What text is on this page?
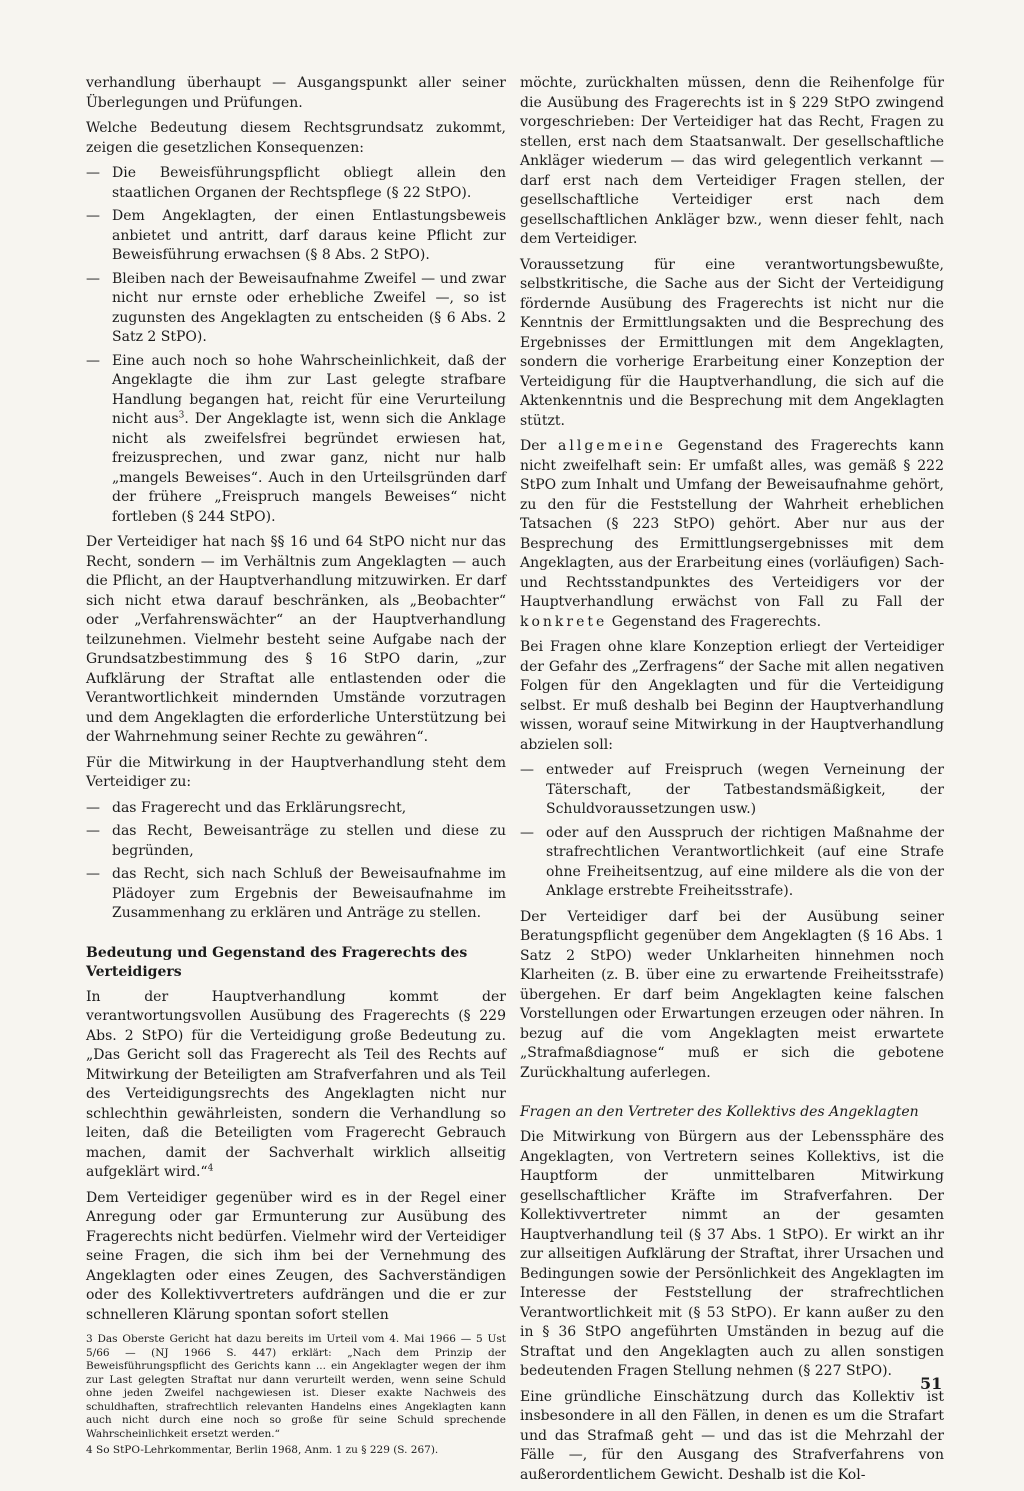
verhandlung überhaupt — Ausgangspunkt aller seiner Überlegungen und Prüfungen.

Welche Bedeutung diesem Rechtsgrundsatz zukommt, zeigen die gesetzlichen Konsequenzen:

— Die Beweisführungspflicht obliegt allein den staatlichen Organen der Rechtspflege (§ 22 StPO).
— Dem Angeklagten, der einen Entlastungsbeweis anbietet und antritt, darf daraus keine Pflicht zur Beweisführung erwachsen (§ 8 Abs. 2 StPO).
— Bleiben nach der Beweisaufnahme Zweifel — und zwar nicht nur ernste oder erhebliche Zweifel —, so ist zugunsten des Angeklagten zu entscheiden (§ 6 Abs. 2 Satz 2 StPO).
— Eine auch noch so hohe Wahrscheinlichkeit, daß der Angeklagte die ihm zur Last gelegte strafbare Handlung begangen hat, reicht für eine Verurteilung nicht aus$^3$. Der Angeklagte ist, wenn sich die Anklage nicht als zweifelsfrei begründet erwiesen hat, freizusprechen, und zwar ganz, nicht nur halb „mangels Beweises“. Auch in den Urteilsgründen darf der frühere „Freispruch mangels Beweises“ nicht fortleben (§ 244 StPO).

Der Verteidiger hat nach §§ 16 und 64 StPO nicht nur das Recht, sondern — im Verhältnis zum Angeklagten — auch die Pflicht, an der Hauptverhandlung mitzuwirken. Er darf sich nicht etwa darauf beschränken, als „Beobachter“ oder „Verfahrenswächter“ an der Hauptverhandlung teilzunehmen. Vielmehr besteht seine Aufgabe nach der Grundsatzbestimmung des § 16 StPO darin, „zur Aufklärung der Straftat alle entlastenden oder die Verantwortlichkeit mindernden Umstände vorzutragen und dem Angeklagten die erforderliche Unterstützung bei der Wahrnehmung seiner Rechte zu gewähren“.

Für die Mitwirkung in der Hauptverhandlung steht dem Verteidiger zu:

— das Fragerecht und das Erklärungsrecht,
— das Recht, Beweisanträge zu stellen und diese zu begründen,
— das Recht, sich nach Schluß der Beweisaufnahme im Plädoyer zum Ergebnis der Beweisaufnahme im Zusammenhang zu erklären und Anträge zu stellen.
Bedeutung und Gegenstand des Fragerechts des Verteidigers

In der Hauptverhandlung kommt der verantwortungsvollen Ausübung des Fragerechts (§ 229 Abs. 2 StPO) für die Verteidigung große Bedeutung zu. „Das Gericht soll das Fragerecht als Teil des Rechts auf Mitwirkung der Beteiligten am Strafverfahren und als Teil des Verteidigungsrechts des Angeklagten nicht nur schlechthin gewährleisten, sondern die Verhandlung so leiten, daß die Beteiligten vom Fragerecht Gebrauch machen, damit der Sachverhalt wirklich allseitig aufgeklärt wird.“$^4$

Dem Verteidiger gegenüber wird es in der Regel einer Anregung oder gar Ermunterung zur Ausübung des Fragerechts nicht bedürfen. Vielmehr wird der Verteidiger seine Fragen, die sich ihm bei der Vernehmung des Angeklagten oder eines Zeugen, des Sachverständigen oder des Kollektivvertreters aufdrängen und die er zur schnelleren Klärung spontan sofort stellen

3 Das Oberste Gericht hat dazu bereits im Urteil vom 4. Mai 1966 — 5 Ust 5/66 — (NJ 1966 S. 447) erklärt: „Nach dem Prinzip der Beweisführungspflicht des Gerichts kann ... ein Angeklagter wegen der ihm zur Last gelegten Straftat nur dann verurteilt werden, wenn seine Schuld ohne jeden Zweifel nachgewiesen ist. Dieser exakte Nachweis des schuldhaften, strafrechtlich relevanten Handelns eines Angeklagten kann auch nicht durch eine noch so große für seine Schuld sprechende Wahrscheinlichkeit ersetzt werden.“

4 So StPO-Lehrkommentar, Berlin 1968, Anm. 1 zu § 229 (S. 267).

möchte, zurückhalten müssen, denn die Reihenfolge für die Ausübung des Fragerechts ist in § 229 StPO zwingend vorgeschrieben: Der Verteidiger hat das Recht, Fragen zu stellen, erst nach dem Staatsanwalt. Der gesellschaftliche Ankläger wiederum — das wird gelegentlich verkannt — darf erst nach dem Verteidiger Fragen stellen, der gesellschaftliche Verteidiger erst nach dem gesellschaftlichen Ankläger bzw., wenn dieser fehlt, nach dem Verteidiger.

Voraussetzung für eine verantwortungsbewußte, selbstkritische, die Sache aus der Sicht der Verteidigung fördernde Ausübung des Fragerechts ist nicht nur die Kenntnis der Ermittlungsakten und die Besprechung des Ergebnisses der Ermittlungen mit dem Angeklagten, sondern die vorherige Erarbeitung einer Konzeption der Verteidigung für die Hauptverhandlung, die sich auf die Aktenkenntnis und die Besprechung mit dem Angeklagten stützt.

Der allgemeine Gegenstand des Fragerechts kann nicht zweifelhaft sein: Er umfaßt alles, was gemäß § 222 StPO zum Inhalt und Umfang der Beweisaufnahme gehört, zu den für die Feststellung der Wahrheit erheblichen Tatsachen (§ 223 StPO) gehört. Aber nur aus der Besprechung des Ermittlungsergebnisses mit dem Angeklagten, aus der Erarbeitung eines (vorläufigen) Sach- und Rechtsstandpunktes des Verteidigers vor der Hauptverhandlung erwächst von Fall zu Fall der konkrete Gegenstand des Fragerechts.

Bei Fragen ohne klare Konzeption erliegt der Verteidiger der Gefahr des „Zerfragens“ der Sache mit allen negativen Folgen für den Angeklagten und für die Verteidigung selbst. Er muß deshalb bei Beginn der Hauptverhandlung wissen, worauf seine Mitwirkung in der Hauptverhandlung abzielen soll:

— entweder auf Freispruch (wegen Verneinung der Täterschaft, der Tatbestandsmäßigkeit, der Schuldvoraussetzungen usw.)
— oder auf den Ausspruch der richtigen Maßnahme der strafrechtlichen Verantwortlichkeit (auf eine Strafe ohne Freiheitsentzug, auf eine mildere als die von der Anklage erstrebte Freiheitsstrafe).

Der Verteidiger darf bei der Ausübung seiner Beratungspflicht gegenüber dem Angeklagten (§ 16 Abs. 1 Satz 2 StPO) weder Unklarheiten hinnehmen noch Klarheiten (z. B. über eine zu erwartende Freiheitsstrafe) übergehen. Er darf beim Angeklagten keine falschen Vorstellungen oder Erwartungen erzeugen oder nähren. In bezug auf die vom Angeklagten meist erwartete „Strafmaßdiagnose“ muß er sich die gebotene Zurückhaltung auferlegen.

Fragen an den Vertreter des Kollektivs des Angeklagten

Die Mitwirkung von Bürgern aus der Lebenssphäre des Angeklagten, von Vertretern seines Kollektivs, ist die Hauptform der unmittelbaren Mitwirkung gesellschaftlicher Kräfte im Strafverfahren. Der Kollektivvertreter nimmt an der gesamten Hauptverhandlung teil (§ 37 Abs. 1 StPO). Er wirkt an ihr zur allseitigen Aufklärung der Straftat, ihrer Ursachen und Bedingungen sowie der Persönlichkeit des Angeklagten im Interesse der Feststellung der strafrechtlichen Verantwortlichkeit mit (§ 53 StPO). Er kann außer zu den in § 36 StPO angeführten Umständen in bezug auf die Straftat und den Angeklagten auch zu allen sonstigen bedeutenden Fragen Stellung nehmen (§ 227 StPO).

Eine gründliche Einschätzung durch das Kollektiv ist insbesondere in all den Fällen, in denen es um die Strafart und das Strafmaß geht — und das ist die Mehrzahl der Fälle —, für den Ausgang des Strafverfahrens von außerordentlichem Gewicht. Deshalb ist die Kol-

51
